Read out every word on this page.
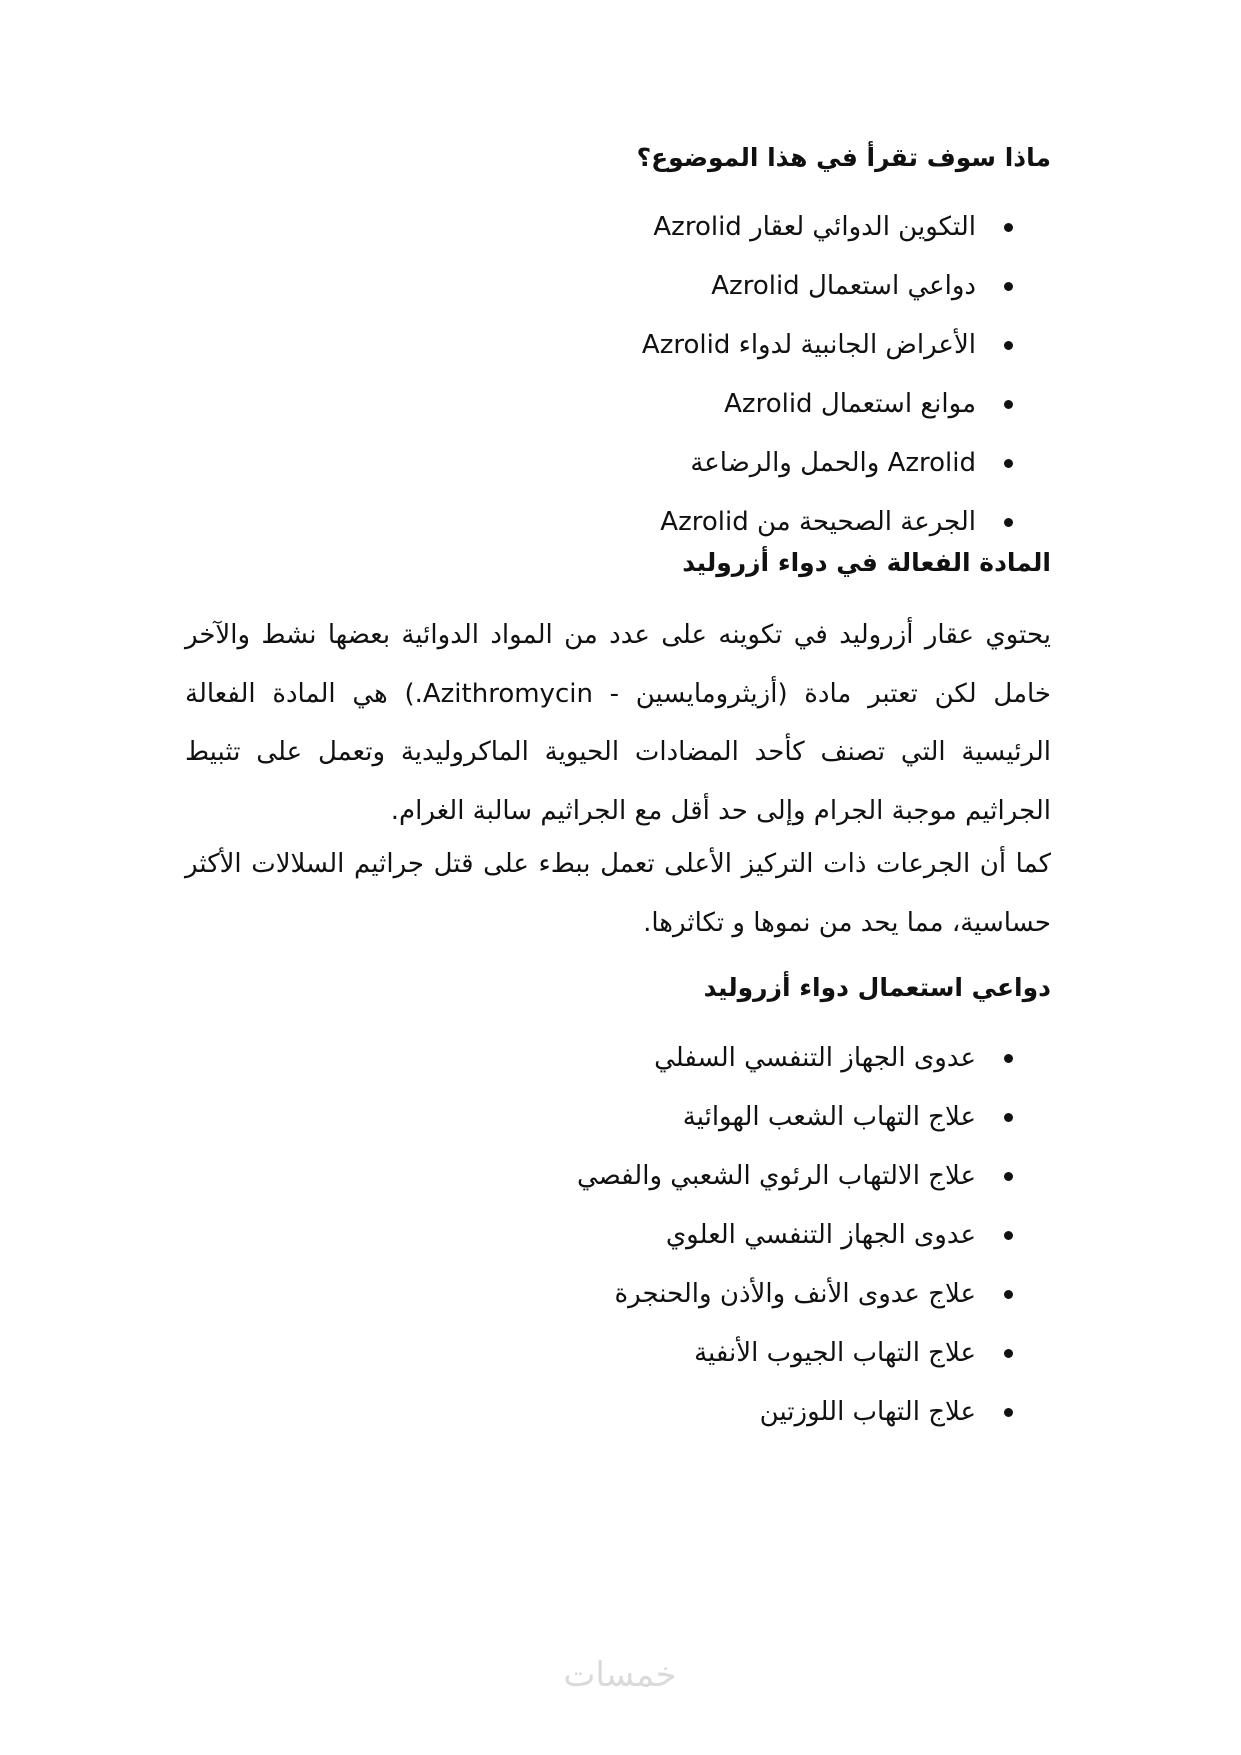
ماذا سوف تقرأ في هذا الموضوع؟
التكوين الدوائي لعقار Azrolid
دواعي استعمال Azrolid
الأعراض الجانبية لدواء Azrolid
موانع استعمال Azrolid
Azrolid والحمل والرضاعة
الجرعة الصحيحة من Azrolid
المادة الفعالة في دواء أزروليد

يحتوي عقار أزروليد في تكوينه على عدد من المواد الدوائية بعضها نشط والآخر خامل لكن تعتبر مادة (أزيثرومايسين - Azithromycin.) هي المادة الفعالة الرئيسية التي تصنف كأحد المضادات الحيوية الماكروليدية وتعمل على تثبيط الجراثيم موجبة الجرام وإلى حد أقل مع الجراثيم سالبة الغرام.

كما أن الجرعات ذات التركيز الأعلى تعمل ببطء على قتل جراثيم السلالات الأكثر حساسية، مما يحد من نموها و تكاثرها.

دواعي استعمال دواء أزروليد
عدوى الجهاز التنفسي السفلي
علاج التهاب الشعب الهوائية
علاج الالتهاب الرئوي الشعبي والفصي
عدوى الجهاز التنفسي العلوي
علاج عدوى الأنف والأذن والحنجرة
علاج التهاب الجيوب الأنفية
علاج التهاب اللوزتين
خمسات
